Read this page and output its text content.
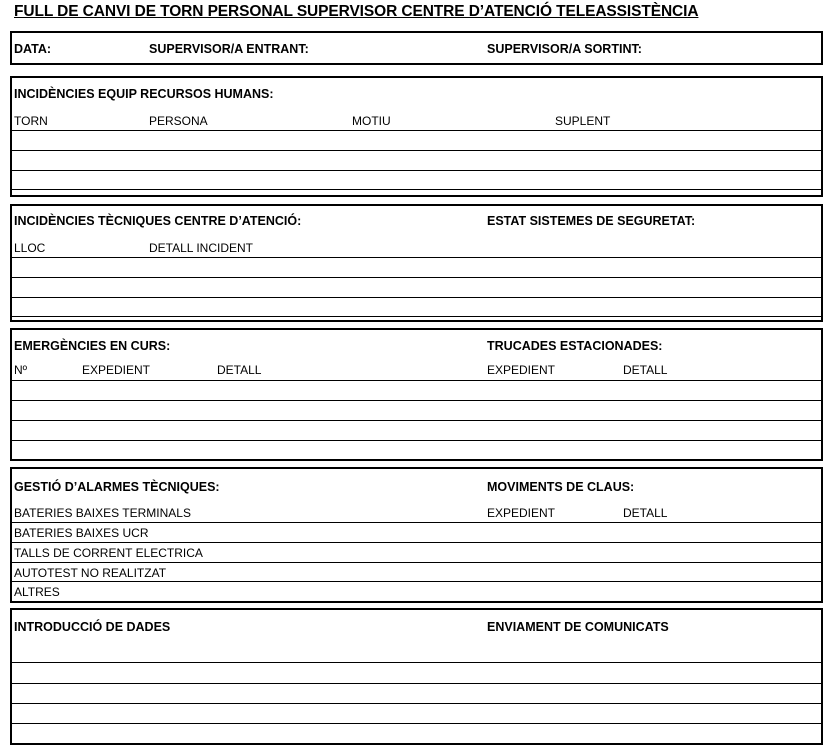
FULL DE CANVI DE TORN PERSONAL SUPERVISOR CENTRE D’ATENCIÓ TELEASSISTÈNCIA
DATA:	SUPERVISOR/A ENTRANT:	SUPERVISOR/A SORTINT:
INCIDÈNCIES EQUIP RECURSOS HUMANS:
TORN	PERSONA	MOTIU	SUPLENT
INCIDÈNCIES TÈCNIQUES CENTRE D’ATENCIÓ:	ESTAT SISTEMES DE SEGURETAT:
LLOC	DETALL INCIDENT
EMERGÈNCIES EN CURS:	TRUCADES ESTACIONADES:
Nº	EXPEDIENT	DETALL	EXPEDIENT	DETALL
GESTIÓ D’ALARMES TÈCNIQUES:	MOVIMENTS DE CLAUS:
BATERIES BAIXES TERMINALS	EXPEDIENT	DETALL
BATERIES BAIXES UCR
TALLS DE CORRENT ELECTRICA
AUTOTEST NO REALITZAT
ALTRES
INTRODUCCIÓ DE DADES	ENVIAMENT DE COMUNICATS
